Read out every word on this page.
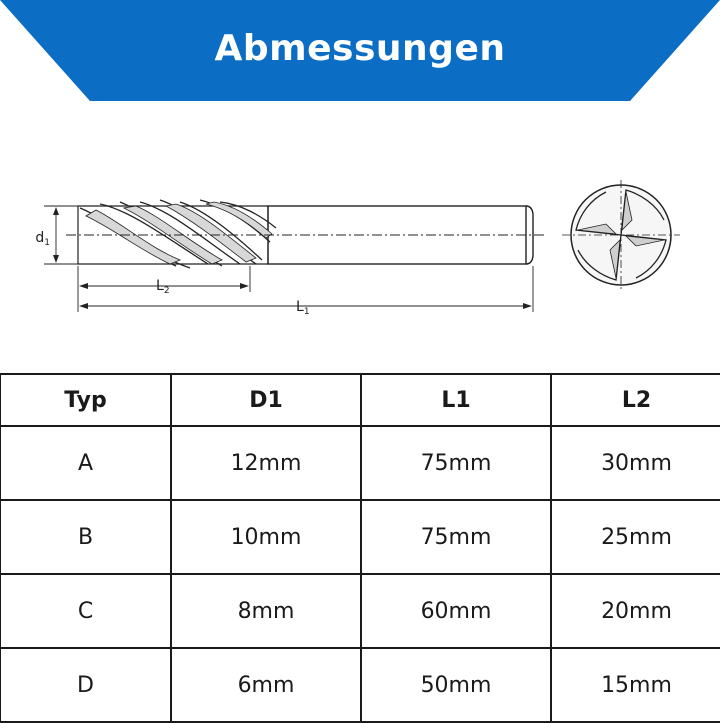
Abmessungen
$d_1$
$L_2$
$L_1$
Typ	D1	L1	L2
A	12mm	75mm	30mm
B	10mm	75mm	25mm
C	8mm	60mm	20mm
D	6mm	50mm	15mm
